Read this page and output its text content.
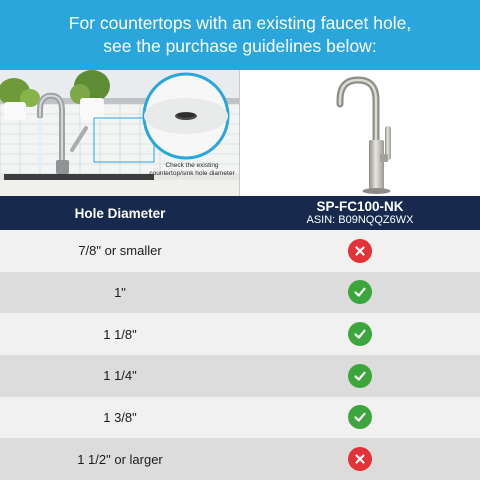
For countertops with an existing faucet hole,
see the purchase guidelines below:
Check the existing countertop/sink hole diameter
Hole Diameter	SP-FC100-NK
ASIN: B09NQQZ6WX
7/8" or smaller
1"
1 1/8"
1 1/4"
1 3/8"
1 1/2" or larger
